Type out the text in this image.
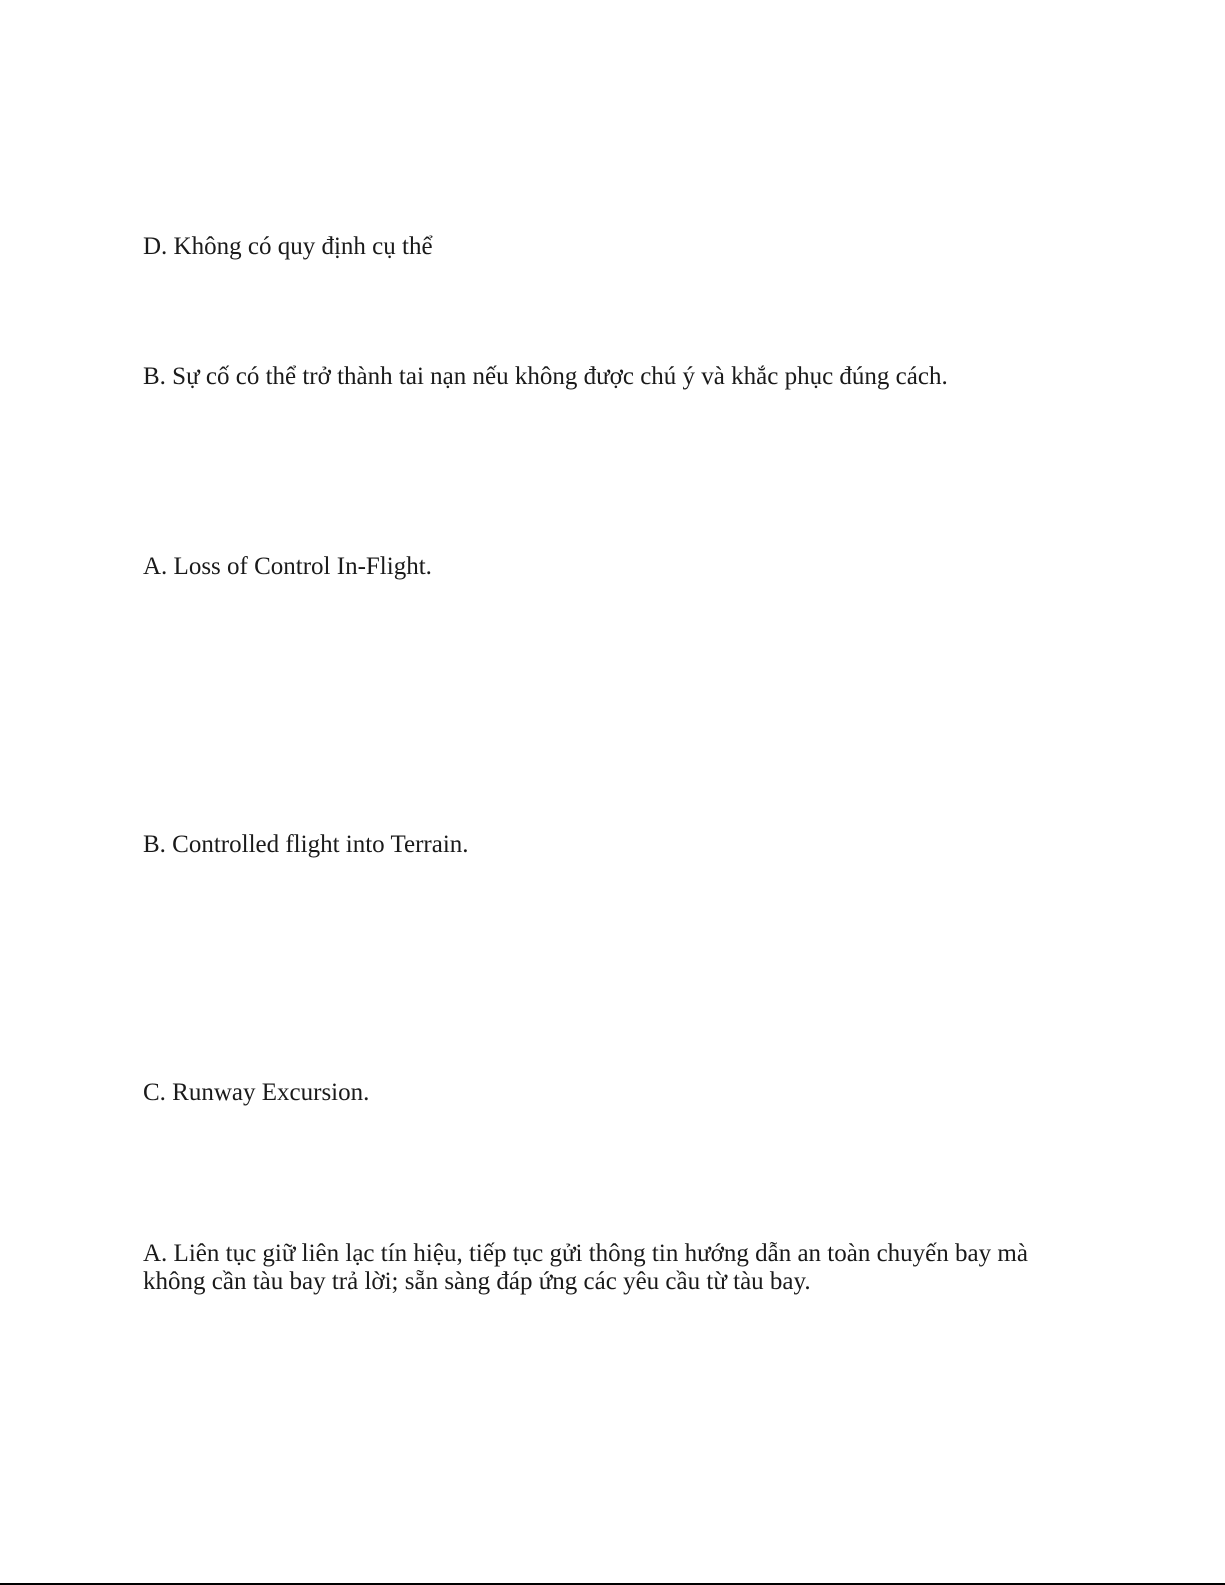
D. Không có quy định cụ thể

B. Sự cố có thể trở thành tai nạn nếu không được chú ý và khắc phục đúng cách.

A. Loss of Control In-Flight.

B. Controlled flight into Terrain.

C. Runway Excursion.

A. Liên tục giữ liên lạc tín hiệu, tiếp tục gửi thông tin hướng dẫn an toàn chuyến bay mà không cần tàu bay trả lời; sẵn sàng đáp ứng các yêu cầu từ tàu bay.
